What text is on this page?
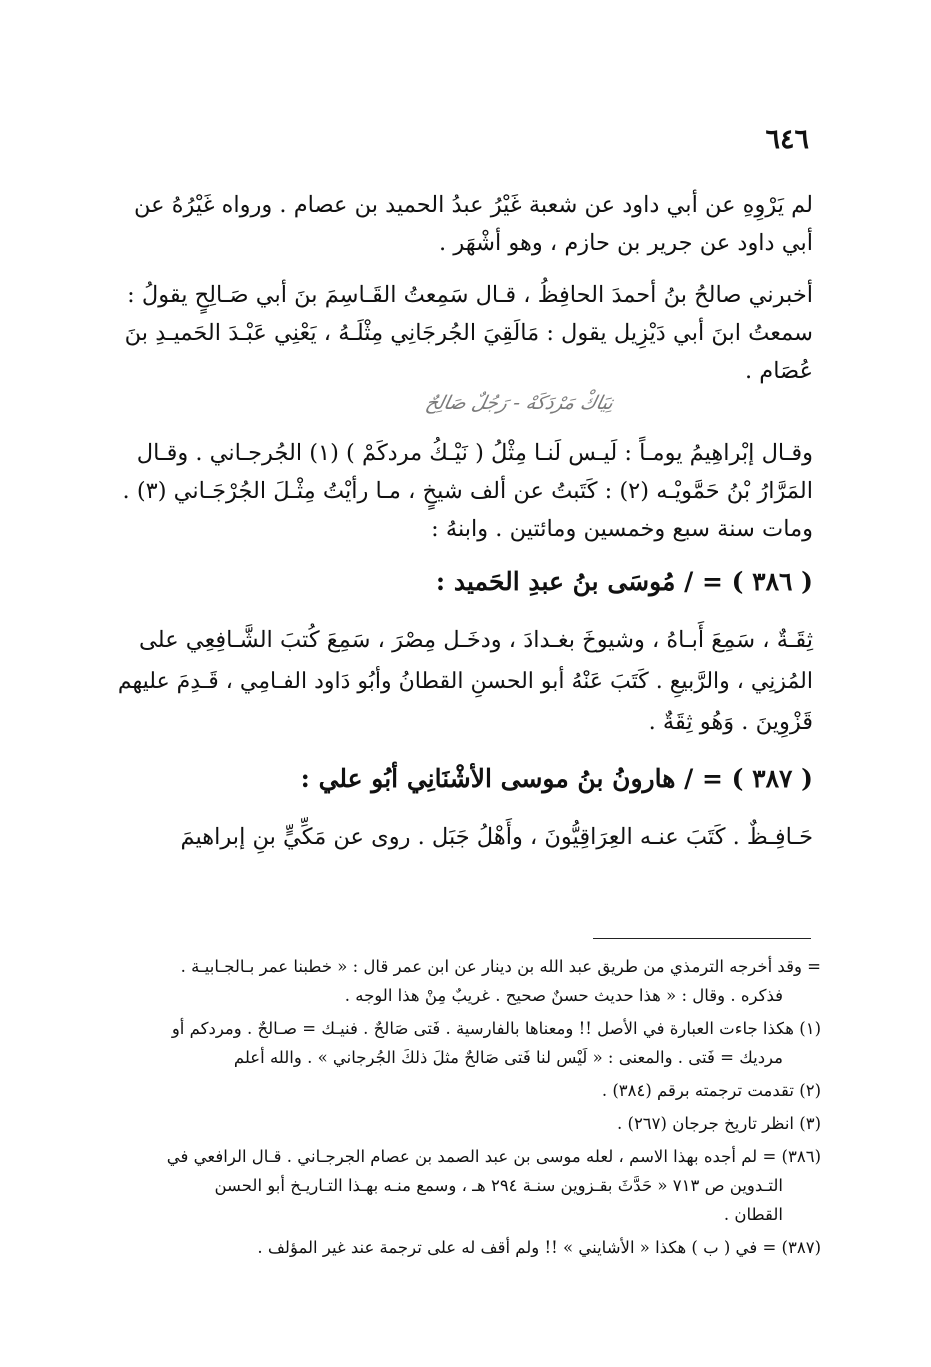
٦٤٦
لم يَرْوِهِ عن أبي داود عن شعبة غَيْرُ عبدُ الحميد بن عصام . ورواه غَيْرُهُ عن
أبي داود عن جرير بن حازم ، وهو أشْهَر .
أخبرني صالحُ بنُ أحمدَ الحافِظُ ، قـال سَمِعتُ القَـاسِمَ بنَ أبي صَـالِحٍ يقولُ :
سمعتُ ابنَ أبي دَيْزِيل يقول : مَالَقِيَ الجُرجَانِي مِثْلَـهُ ، يَعْنِي عَبْـدَ الحَميـدِ بنَ
عُصَام .
نِيَاكْ مَرْدَكَهْ - رَجُلٌ صَالِحٌ
وقـال إبْراهِيمُ يومـاً : لَيـس لَنـا مِثْلُ ( نَيْـكُ مردكَمْ ) (١) الجُرجـاني . وقـال
المَرَّارُ بْنُ حَمَّويْـه (٢) : كَتَبتُ عن ألف شيخٍ ، مـا رأيْتُ مِثْـلَ الجُرْجَـاني (٣) .
ومات سنة سبع وخمسين ومائتين . وابنهُ :
( ٣٨٦ ) = / مُوسَى بنُ عبدِ الحَميد :
ثِقَـةٌ ، سَمِعَ أَبـاهُ ، وشيوخَ بغـدادَ ، ودخَـل مِصْرَ ، سَمِعَ كُتبَ الشَّـافِعِي على
المُزنِي ، والرَّبيعِ . كَتَبَ عَنْهُ أبو الحسنِ القطانُ وأبُو دَاود الفـامِي ، قَـدِمَ عليهم
قَزْوِينَ . وَهُو ثِقَةٌ .
( ٣٨٧ ) = / هارونُ بنُ موسى الأشْنَانِي أبُو علي :
حَـافِـظٌ . كَتَبَ عنـه العِرَاقِيُّونَ ، وأَهْلُ جَبَل . روى عن مَكِّيٍّ بنِ إبراهيمَ
= وقد أخرجه الترمذي من طريق عبد الله بن دينار عن ابن عمر قال : « خطبنا عمر بـالجـابيـة .
فذكره . وقال : « هذا حديث حسنٌ صحيح . غريبٌ مِنْ هذا الوجه .
(١) هكذا جاءت العبارة في الأصل !! ومعناها بالفارسية . فَتى صَالحٌ . فنيـك = صـالحٌ . ومردكم أو
مرديك = فَتى . والمعنى : « لَيْس لنا فَتى صَالحٌ مثلَ ذلكَ الجُرجاني » . والله أعلم
(٢) تقدمت ترجمته برقم (٣٨٤) .
(٣) انظر تاريخ جرجان (٢٦٧) .
(٣٨٦) = لم أجده بهذا الاسم ، لعله موسى بن عبد الصمد بن عصام الجرجـاني . قـال الرافعي في
التـدوين ص ٧١٣ « حَدَّثَ بقـزوين سنـة ٢٩٤ هـ ، وسمع منـه بهـذا التـاريـخ أبو الحسن
القطان .
(٣٨٧) = في ( ب ) هكذا « الأشايني » !! ولم أقف له على ترجمة عند غير المؤلف .
